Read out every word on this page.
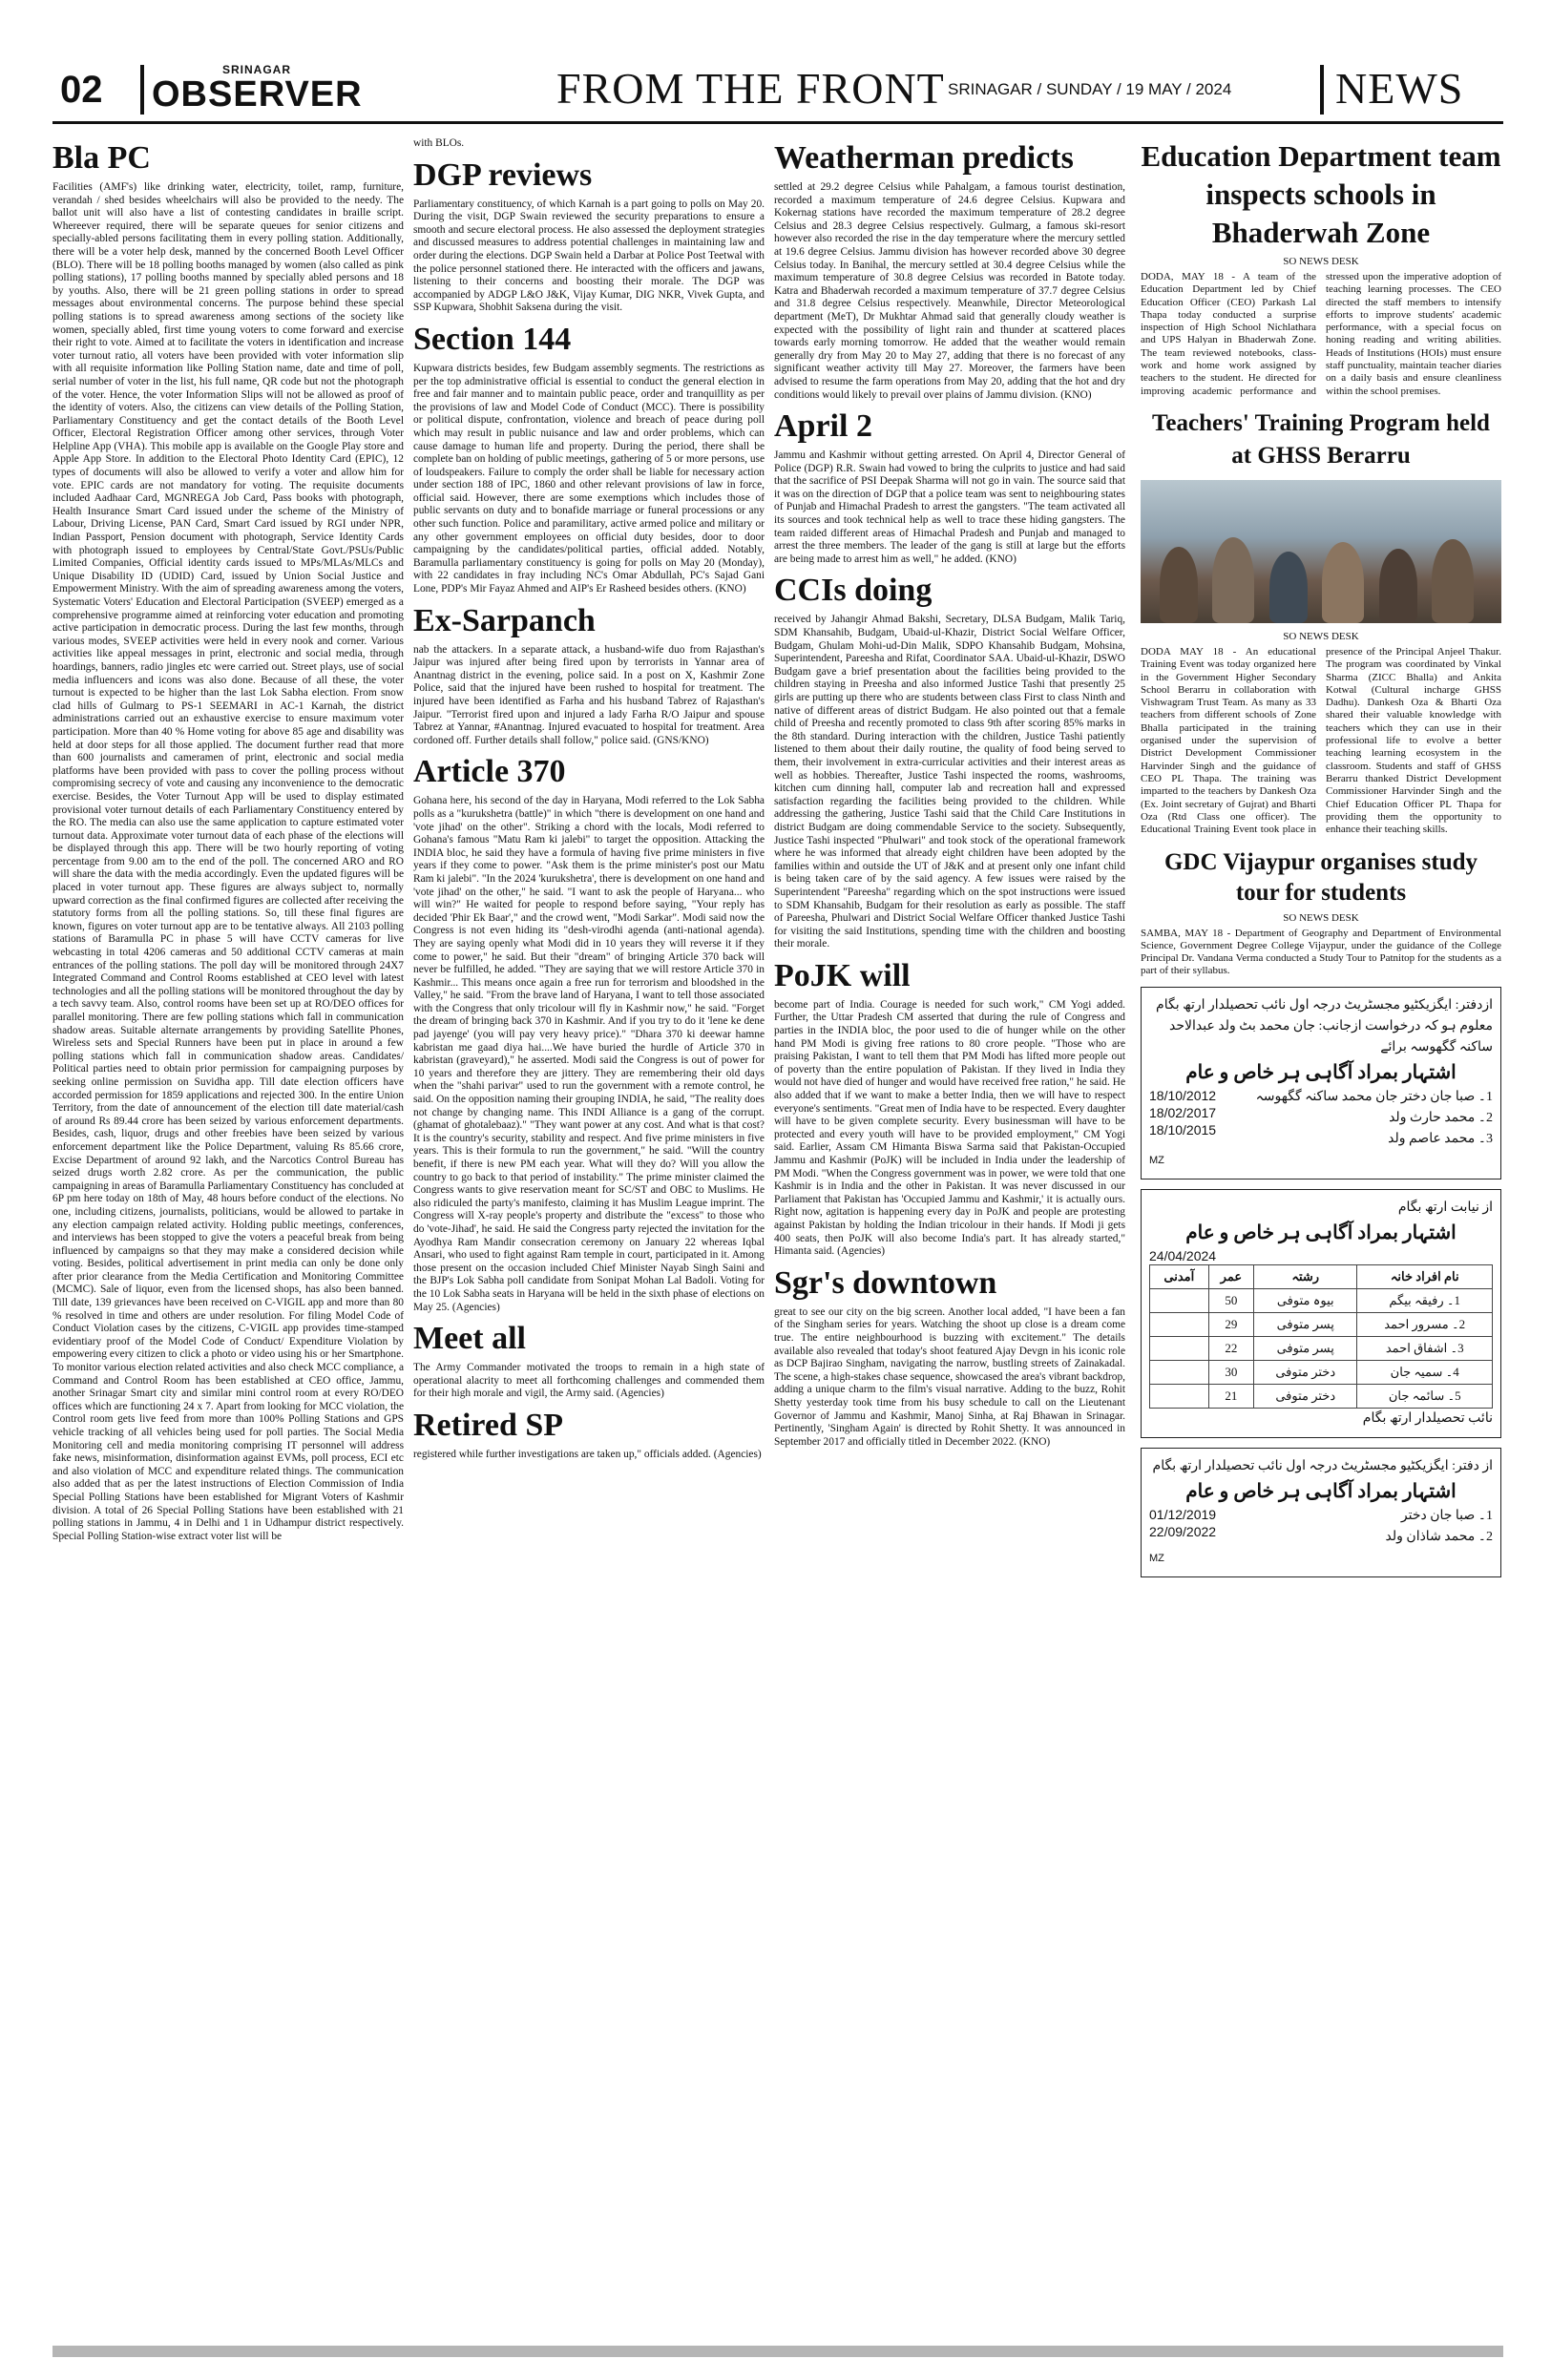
02	SRINAGAR
OBSERVER	FROM THE FRONT SRINAGAR / SUNDAY / 19 MAY / 2024 NEWS
Bla PC
Facilities (AMF's) like drinking water, electricity, toilet, ramp, furniture, verandah / shed besides wheelchairs will also be provided to the needy. The ballot unit will also have a list of contesting candidates in braille script. Whereever required, there will be separate queues for senior citizens and specially-abled persons facilitating them in every polling station. Additionally, there will be a voter help desk, manned by the concerned Booth Level Officer (BLO). There will be 18 polling booths managed by women (also called as pink polling stations), 17 polling booths manned by specially abled persons and 18 by youths. Also, there will be 21 green polling stations in order to spread messages about environmental concerns. The purpose behind these special polling stations is to spread awareness among sections of the society like women, specially abled, first time young voters to come forward and exercise their right to vote. Aimed at to facilitate the voters in identification and increase voter turnout ratio, all voters have been provided with voter information slip with all requisite information like Polling Station name, date and time of poll, serial number of voter in the list, his full name, QR code but not the photograph of the voter. Hence, the voter Information Slips will not be allowed as proof of the identity of voters. Also, the citizens can view details of the Polling Station, Parliamentary Constituency and get the contact details of the Booth Level Officer, Electoral Registration Officer among other services, through Voter Helpline App (VHA). This mobile app is available on the Google Play store and Apple App Store. In addition to the Electoral Photo Identity Card (EPIC), 12 types of documents will also be allowed to verify a voter and allow him for vote. EPIC cards are not mandatory for voting. The requisite documents included Aadhaar Card, MGNREGA Job Card, Pass books with photograph, Health Insurance Smart Card issued under the scheme of the Ministry of Labour, Driving License, PAN Card, Smart Card issued by RGI under NPR, Indian Passport, Pension document with photograph, Service Identity Cards with photograph issued to employees by Central/State Govt./PSUs/Public Limited Companies, Official identity cards issued to MPs/MLAs/MLCs and Unique Disability ID (UDID) Card, issued by Union Social Justice and Empowerment Ministry. With the aim of spreading awareness among the voters, Systematic Voters' Education and Electoral Participation (SVEEP) emerged as a comprehensive programme aimed at reinforcing voter education and promoting active participation in democratic process. During the last few months, through various modes, SVEEP activities were held in every nook and corner. Various activities like appeal messages in print, electronic and social media, through hoardings, banners, radio jingles etc were carried out. Street plays, use of social media influencers and icons was also done. Because of all these, the voter turnout is expected to be higher than the last Lok Sabha election. From snow clad hills of Gulmarg to PS-1 SEEMARI in AC-1 Karnah, the district administrations carried out an exhaustive exercise to ensure maximum voter participation. More than 40 % Home voting for above 85 age and disability was held at door steps for all those applied. The document further read that more than 600 journalists and cameramen of print, electronic and social media platforms have been provided with pass to cover the polling process without compromising secrecy of vote and causing any inconvenience to the democratic exercise. Besides, the Voter Turnout App will be used to display estimated provisional voter turnout details of each Parliamentary Constituency entered by the RO. The media can also use the same application to capture estimated voter turnout data. Approximate voter turnout data of each phase of the elections will be displayed through this app. There will be two hourly reporting of voting percentage from 9.00 am to the end of the poll. The concerned ARO and RO will share the data with the media accordingly. Even the updated figures will be placed in voter turnout app. These figures are always subject to, normally upward correction as the final confirmed figures are collected after receiving the statutory forms from all the polling stations. So, till these final figures are known, figures on voter turnout app are to be tentative always. All 2103 polling stations of Baramulla PC in phase 5 will have CCTV cameras for live webcasting in total 4206 cameras and 50 additional CCTV cameras at main entrances of the polling stations. The poll day will be monitored through 24X7 Integrated Command and Control Rooms established at CEO level with latest technologies and all the polling stations will be monitored throughout the day by a tech savvy team. Also, control rooms have been set up at RO/DEO offices for parallel monitoring. There are few polling stations which fall in communication shadow areas. Suitable alternate arrangements by providing Satellite Phones, Wireless sets and Special Runners have been put in place in around a few polling stations which fall in communication shadow areas. Candidates/ Political parties need to obtain prior permission for campaigning purposes by seeking online permission on Suvidha app. Till date election officers have accorded permission for 1859 applications and rejected 300. In the entire Union Territory, from the date of announcement of the election till date material/cash of around Rs 89.44 crore has been seized by various enforcement departments. Besides, cash, liquor, drugs and other freebies have been seized by various enforcement department like the Police Department, valuing Rs 85.66 crore, Excise Department of around 92 lakh, and the Narcotics Control Bureau has seized drugs worth 2.82 crore. As per the communication, the public campaigning in areas of Baramulla Parliamentary Constituency has concluded at 6P pm here today on 18th of May, 48 hours before conduct of the elections. No one, including citizens, journalists, politicians, would be allowed to partake in any election campaign related activity. Holding public meetings, conferences, and interviews has been stopped to give the voters a peaceful break from being influenced by campaigns so that they may make a considered decision while voting. Besides, political advertisement in print media can only be done only after prior clearance from the Media Certification and Monitoring Committee (MCMC). Sale of liquor, even from the licensed shops, has also been banned. Till date, 139 grievances have been received on C-VIGIL app and more than 80 % resolved in time and others are under resolution. For filing Model Code of Conduct Violation cases by the citizens, C-VIGIL app provides time-stamped evidentiary proof of the Model Code of Conduct/ Expenditure Violation by empowering every citizen to click a photo or video using his or her Smartphone. To monitor various election related activities and also check MCC compliance, a Command and Control Room has been established at CEO office, Jammu, another Srinagar Smart city and similar mini control room at every RO/DEO offices which are functioning 24 x 7. Apart from looking for MCC violation, the Control room gets live feed from more than 100% Polling Stations and GPS vehicle tracking of all vehicles being used for poll parties. The Social Media Monitoring cell and media monitoring comprising IT personnel will address fake news, misinformation, disinformation against EVMs, poll process, ECI etc and also violation of MCC and expenditure related things. The communication also added that as per the latest instructions of Election Commission of India Special Polling Stations have been established for Migrant Voters of Kashmir division. A total of 26 Special Polling Stations have been established with 21 polling stations in Jammu, 4 in Delhi and 1 in Udhampur district respectively. Special Polling Station-wise extract voter list will be
with BLOs.
DGP reviews
Parliamentary constituency, of which Karnah is a part going to polls on May 20. During the visit, DGP Swain reviewed the security preparations to ensure a smooth and secure electoral process. He also assessed the deployment strategies and discussed measures to address potential challenges in maintaining law and order during the elections. DGP Swain held a Darbar at Police Post Teetwal with the police personnel stationed there. He interacted with the officers and jawans, listening to their concerns and boosting their morale. The DGP was accompanied by ADGP L&O J&K, Vijay Kumar, DIG NKR, Vivek Gupta, and SSP Kupwara, Shobhit Saksena during the visit.
Section 144
Kupwara districts besides, few Budgam assembly segments. The restrictions as per the top administrative official is essential to conduct the general election in free and fair manner and to maintain public peace, order and tranquillity as per the provisions of law and Model Code of Conduct (MCC). There is possibility or political dispute, confrontation, violence and breach of peace during poll which may result in public nuisance and law and order problems, which can cause damage to human life and property. During the period, there shall be complete ban on holding of public meetings, gathering of 5 or more persons, use of loudspeakers. Failure to comply the order shall be liable for necessary action under section 188 of IPC, 1860 and other relevant provisions of law in force, official said. However, there are some exemptions which includes those of public servants on duty and to bonafide marriage or funeral processions or any other such function. Police and paramilitary, active armed police and military or any other government employees on official duty besides, door to door campaigning by the candidates/political parties, official added. Notably, Baramulla parliamentary constituency is going for polls on May 20 (Monday), with 22 candidates in fray including NC's Omar Abdullah, PC's Sajad Gani Lone, PDP's Mir Fayaz Ahmed and AIP's Er Rasheed besides others. (KNO)
Ex-Sarpanch
nab the attackers. In a separate attack, a husband-wife duo from Rajasthan's Jaipur was injured after being fired upon by terrorists in Yannar area of Anantnag district in the evening, police said. In a post on X, Kashmir Zone Police, said that the injured have been rushed to hospital for treatment. The injured have been identified as Farha and his husband Tabrez of Rajasthan's Jaipur. "Terrorist fired upon and injured a lady Farha R/O Jaipur and spouse Tabrez at Yannar, #Anantnag. Injured evacuated to hospital for treatment. Area cordoned off. Further details shall follow," police said. (GNS/KNO)
Article 370
Gohana here, his second of the day in Haryana, Modi referred to the Lok Sabha polls as a "kurukshetra (battle)" in which "there is development on one hand and 'vote jihad' on the other". Striking a chord with the locals, Modi referred to Gohana's famous "Matu Ram ki jalebi" to target the opposition. Attacking the INDIA bloc, he said they have a formula of having five prime ministers in five years if they come to power. "Ask them is the prime minister's post our Matu Ram ki jalebi". "In the 2024 'kurukshetra', there is development on one hand and 'vote jihad' on the other," he said. "I want to ask the people of Haryana... who will win?" He waited for people to respond before saying, "Your reply has decided 'Phir Ek Baar'," and the crowd went, "Modi Sarkar". Modi said now the Congress is not even hiding its "desh-virodhi agenda (anti-national agenda). They are saying openly what Modi did in 10 years they will reverse it if they come to power," he said. But their "dream" of bringing Article 370 back will never be fulfilled, he added. "They are saying that we will restore Article 370 in Kashmir... This means once again a free run for terrorism and bloodshed in the Valley," he said. "From the brave land of Haryana, I want to tell those associated with the Congress that only tricolour will fly in Kashmir now," he said. "Forget the dream of bringing back 370 in Kashmir. And if you try to do it 'lene ke dene pad jayenge' (you will pay very heavy price)." "Dhara 370 ki deewar hamne kabristan me gaad diya hai....We have buried the hurdle of Article 370 in kabristan (graveyard)," he asserted. Modi said the Congress is out of power for 10 years and therefore they are jittery. They are remembering their old days when the "shahi parivar" used to run the government with a remote control, he said. On the opposition naming their grouping INDIA, he said, "The reality does not change by changing name. This INDI Alliance is a gang of the corrupt. (ghamat of ghotalebaaz)." "They want power at any cost. And what is that cost? It is the country's security, stability and respect. And five prime ministers in five years. This is their formula to run the government," he said. "Will the country benefit, if there is new PM each year. What will they do? Will you allow the country to go back to that period of instability." The prime minister claimed the Congress wants to give reservation meant for SC/ST and OBC to Muslims. He also ridiculed the party's manifesto, claiming it has Muslim League imprint. The Congress will X-ray people's property and distribute the "excess" to those who do 'vote-Jihad', he said. He said the Congress party rejected the invitation for the Ayodhya Ram Mandir consecration ceremony on January 22 whereas Iqbal Ansari, who used to fight against Ram temple in court, participated in it. Among those present on the occasion included Chief Minister Nayab Singh Saini and the BJP's Lok Sabha poll candidate from Sonipat Mohan Lal Badoli. Voting for the 10 Lok Sabha seats in Haryana will be held in the sixth phase of elections on May 25. (Agencies)
Meet all
The Army Commander motivated the troops to remain in a high state of operational alacrity to meet all forthcoming challenges and commended them for their high morale and vigil, the Army said. (Agencies)
Retired SP
registered while further investigations are taken up," officials added. (Agencies)
Weatherman predicts
settled at 29.2 degree Celsius while Pahalgam, a famous tourist destination, recorded a maximum temperature of 24.6 degree Celsius. Kupwara and Kokernag stations have recorded the maximum temperature of 28.2 degree Celsius and 28.3 degree Celsius respectively. Gulmarg, a famous ski-resort however also recorded the rise in the day temperature where the mercury settled at 19.6 degree Celsius. Jammu division has however recorded above 30 degree Celsius today. In Banihal, the mercury settled at 30.4 degree Celsius while the maximum temperature of 30.8 degree Celsius was recorded in Batote today. Katra and Bhaderwah recorded a maximum temperature of 37.7 degree Celsius and 31.8 degree Celsius respectively. Meanwhile, Director Meteorological department (MeT), Dr Mukhtar Ahmad said that generally cloudy weather is expected with the possibility of light rain and thunder at scattered places towards early morning tomorrow. He added that the weather would remain generally dry from May 20 to May 27, adding that there is no forecast of any significant weather activity till May 27. Moreover, the farmers have been advised to resume the farm operations from May 20, adding that the hot and dry conditions would likely to prevail over plains of Jammu division. (KNO)
April 2
Jammu and Kashmir without getting arrested. On April 4, Director General of Police (DGP) R.R. Swain had vowed to bring the culprits to justice and had said that the sacrifice of PSI Deepak Sharma will not go in vain. The source said that it was on the direction of DGP that a police team was sent to neighbouring states of Punjab and Himachal Pradesh to arrest the gangsters. "The team activated all its sources and took technical help as well to trace these hiding gangsters. The team raided different areas of Himachal Pradesh and Punjab and managed to arrest the three members. The leader of the gang is still at large but the efforts are being made to arrest him as well," he added. (KNO)
CCIs doing
received by Jahangir Ahmad Bakshi, Secretary, DLSA Budgam, Malik Tariq, SDM Khansahib, Budgam, Ubaid-ul-Khazir, District Social Welfare Officer, Budgam, Ghulam Mohi-ud-Din Malik, SDPO Khansahib Budgam, Mohsina, Superintendent, Pareesha and Rifat, Coordinator SAA. Ubaid-ul-Khazir, DSWO Budgam gave a brief presentation about the facilities being provided to the children staying in Preesha and also informed Justice Tashi that presently 25 girls are putting up there who are students between class First to class Ninth and native of different areas of district Budgam. He also pointed out that a female child of Preesha and recently promoted to class 9th after scoring 85% marks in the 8th standard. During interaction with the children, Justice Tashi patiently listened to them about their daily routine, the quality of food being served to them, their involvement in extra-curricular activities and their interest areas as well as hobbies. Thereafter, Justice Tashi inspected the rooms, washrooms, kitchen cum dinning hall, computer lab and recreation hall and expressed satisfaction regarding the facilities being provided to the children. While addressing the gathering, Justice Tashi said that the Child Care Institutions in district Budgam are doing commendable Service to the society. Subsequently, Justice Tashi inspected "Phulwari" and took stock of the operational framework where he was informed that already eight children have been adopted by the families within and outside the UT of J&K and at present only one infant child is being taken care of by the said agency. A few issues were raised by the Superintendent "Pareesha" regarding which on the spot instructions were issued to SDM Khansahib, Budgam for their resolution as early as possible. The staff of Pareesha, Phulwari and District Social Welfare Officer thanked Justice Tashi for visiting the said Institutions, spending time with the children and boosting their morale.
PoJK will
become part of India. Courage is needed for such work," CM Yogi added. Further, the Uttar Pradesh CM asserted that during the rule of Congress and parties in the INDIA bloc, the poor used to die of hunger while on the other hand PM Modi is giving free rations to 80 crore people. "Those who are praising Pakistan, I want to tell them that PM Modi has lifted more people out of poverty than the entire population of Pakistan. If they lived in India they would not have died of hunger and would have received free ration," he said. He also added that if we want to make a better India, then we will have to respect everyone's sentiments. "Great men of India have to be respected. Every daughter will have to be given complete security. Every businessman will have to be protected and every youth will have to be provided employment," CM Yogi said. Earlier, Assam CM Himanta Biswa Sarma said that Pakistan-Occupied Jammu and Kashmir (PoJK) will be included in India under the leadership of PM Modi. "When the Congress government was in power, we were told that one Kashmir is in India and the other in Pakistan. It was never discussed in our Parliament that Pakistan has 'Occupied Jammu and Kashmir,' it is actually ours. Right now, agitation is happening every day in PoJK and people are protesting against Pakistan by holding the Indian tricolour in their hands. If Modi ji gets 400 seats, then PoJK will also become India's part. It has already started," Himanta said. (Agencies)
Sgr's downtown
great to see our city on the big screen. Another local added, "I have been a fan of the Singham series for years. Watching the shoot up close is a dream come true. The entire neighbourhood is buzzing with excitement." The details available also revealed that today's shoot featured Ajay Devgn in his iconic role as DCP Bajirao Singham, navigating the narrow, bustling streets of Zainakadal. The scene, a high-stakes chase sequence, showcased the area's vibrant backdrop, adding a unique charm to the film's visual narrative. Adding to the buzz, Rohit Shetty yesterday took time from his busy schedule to call on the Lieutenant Governor of Jammu and Kashmir, Manoj Sinha, at Raj Bhawan in Srinagar. Pertinently, 'Singham Again' is directed by Rohit Shetty. It was announced in September 2017 and officially titled in December 2022. (KNO)
Education Department team inspects schools in Bhaderwah Zone
SO NEWS DESK
DODA, MAY 18 - A team of the Education Department led by Chief Education Officer (CEO) Parkash Lal Thapa today conducted a surprise inspection of High School Nichlathara and UPS Halyan in Bhaderwah Zone. The team reviewed notebooks, class-work and home work assigned by teachers to the student. He directed for improving academic performance and stressed upon the imperative adoption of teaching learning processes. The CEO directed the staff members to intensify efforts to improve students' academic performance, with a special focus on honing reading and writing abilities. Heads of Institutions (HOIs) must ensure staff punctuality, maintain teacher diaries on a daily basis and ensure cleanliness within the school premises.
Teachers' Training Program held at GHSS Berarru
SO NEWS DESK
DODA MAY 18 - An educational Training Event was today organized here in the Government Higher Secondary School Berarru in collaboration with Vishwagram Trust Team. As many as 33 teachers from different schools of Zone Bhalla participated in the training organised under the supervision of District Development Commissioner Harvinder Singh and the guidance of CEO PL Thapa. The training was imparted to the teachers by Dankesh Oza (Ex. Joint secretary of Gujrat) and Bharti Oza (Rtd Class one officer). The Educational Training Event took place in presence of the Principal Anjeel Thakur. The program was coordinated by Vinkal Sharma (ZICC Bhalla) and Ankita Kotwal (Cultural incharge GHSS Dadhu). Dankesh Oza & Bharti Oza shared their valuable knowledge with teachers which they can use in their professional life to evolve a better teaching learning ecosystem in the classroom. Students and staff of GHSS Berarru thanked District Development Commissioner Harvinder Singh and the Chief Education Officer PL Thapa for providing them the opportunity to enhance their teaching skills.
GDC Vijaypur organises study tour for students
SO NEWS DESK
SAMBA, MAY 18 - Department of Geography and Department of Environmental Science, Government Degree College Vijaypur, under the guidance of the College Principal Dr. Vandana Verma conducted a Study Tour to Patnitop for the students as a part of their syllabus.
ازدفتر: ایگزیکٹیو مجسٹریٹ درجہ اول نائب تحصیلدار ارتھ بگام
معلوم ہو کہ درخواست ازجانب: جان محمد بٹ ولد عبدالاحد ساکنہ گگھوسہ برائے
اشتہار بمراد آگاہی ہر خاص و عام
18/10/2012
18/02/2017
18/10/2015
1۔ صبا جان دختر جان محمد ساکنہ گگھوسہ
2۔ محمد حارث ولد
3۔ محمد عاصم ولد
MZ
از نیابت ارتھ بگام
اشتہار بمراد آگاہی ہر خاص و عام
24/04/2024
نام افراد خانہ	رشتہ	عمر	آمدنی
1۔ رفیقہ بیگم	بیوہ متوفی	50	
2۔ مسرور احمد	پسر متوفی	29	
3۔ اشفاق احمد	پسر متوفی	22	
4۔ سمیہ جان	دختر متوفی	30	
5۔ سائمہ جان	دختر متوفی	21	
نائب تحصیلدار ارتھ بگام
از دفتر: ایگزیکٹیو مجسٹریٹ درجہ اول نائب تحصیلدار ارتھ بگام
اشتہار بمراد آگاہی ہر خاص و عام
01/12/2019
22/09/2022
1۔ صبا جان دختر
2۔ محمد شاذان ولد
MZ
